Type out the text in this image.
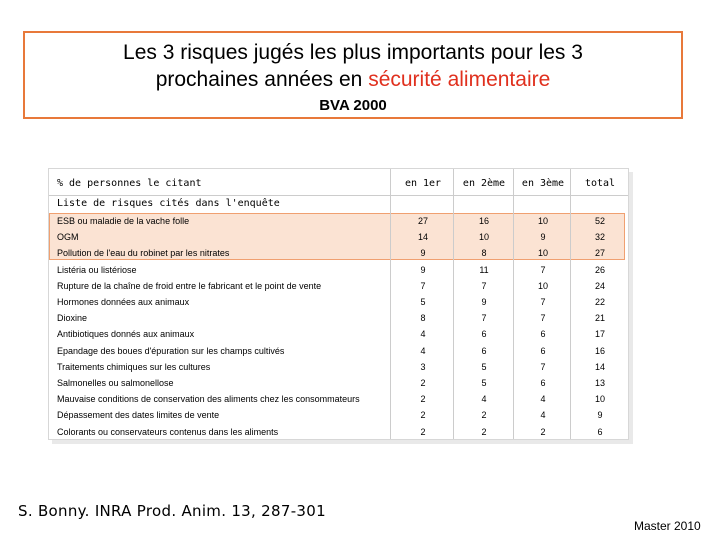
Les 3 risques jugés les plus importants pour les 3
prochaines années en sécurité alimentaire
BVA 2000
% de personnes le citant	en 1er	en 2ème	en 3ème	total
Liste de risques cités dans l'enquête
ESB ou maladie de la vache folle	27	16	10	52
OGM	14	10	9	32
Pollution de l'eau du robinet par les nitrates	9	8	10	27
Listéria ou listériose	9	11	7	26
Rupture de la chaîne de froid entre le fabricant et le point de vente	7	7	10	24
Hormones données aux animaux	5	9	7	22
Dioxine	8	7	7	21
Antibiotiques donnés aux animaux	4	6	6	17
Epandage des boues d'épuration sur les champs cultivés	4	6	6	16
Traitements chimiques sur les cultures	3	5	7	14
Salmonelles ou salmonellose	2	5	6	13
Mauvaise conditions de conservation des aliments chez les consommateurs	2	4	4	10
Dépassement des dates limites de vente	2	2	4	9
Colorants ou conservateurs contenus dans les aliments	2	2	2	6
S. Bonny. INRA Prod. Anim. 13, 287-301
Master 2010
